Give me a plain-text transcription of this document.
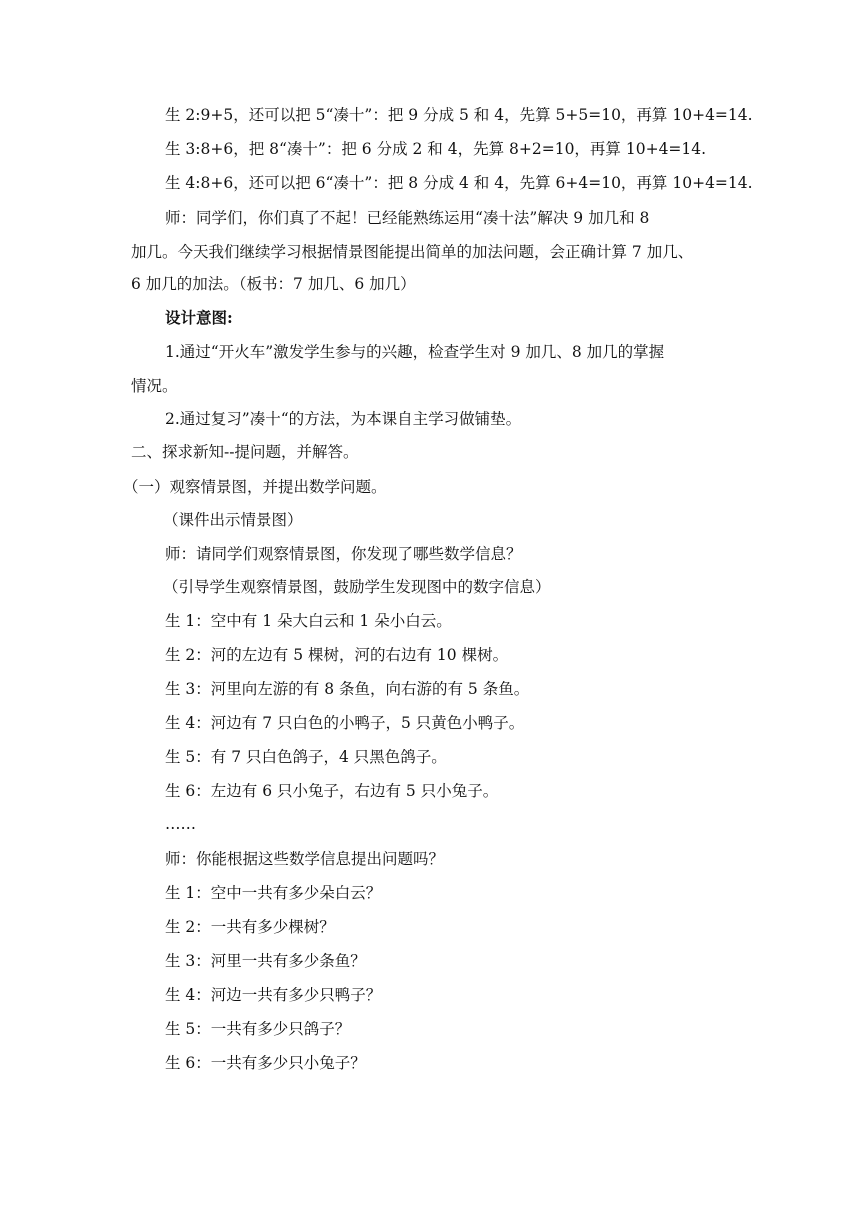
生 2:9+5，还可以把 5“凑十”：把 9 分成 5 和 4，先算 5+5=10，再算 10+4=14.
生 3:8+6，把 8“凑十”：把 6 分成 2 和 4，先算 8+2=10，再算 10+4=14.
生 4:8+6，还可以把 6“凑十”：把 8 分成 4 和 4，先算 6+4=10，再算 10+4=14.
师：同学们，你们真了不起！已经能熟练运用“凑十法”解决 9 加几和 8
加几。今天我们继续学习根据情景图能提出简单的加法问题，会正确计算 7 加几、
6 加几的加法。（板书：7 加几、6 加几）
设计意图:
1.通过“开火车”激发学生参与的兴趣，检查学生对 9 加几、8 加几的掌握
情况。
2.通过复习”凑十“的方法，为本课自主学习做铺垫。
二、探求新知--提问题，并解答。
（一）观察情景图，并提出数学问题。
（课件出示情景图）
师：请同学们观察情景图，你发现了哪些数学信息？
（引导学生观察情景图，鼓励学生发现图中的数字信息）
生 1：空中有 1 朵大白云和 1 朵小白云。
生 2：河的左边有 5 棵树，河的右边有 10 棵树。
生 3：河里向左游的有 8 条鱼，向右游的有 5 条鱼。
生 4：河边有 7 只白色的小鸭子，5 只黄色小鸭子。
生 5：有 7 只白色鸽子，4 只黑色鸽子。
生 6：左边有 6 只小兔子，右边有 5 只小兔子。
……
师：你能根据这些数学信息提出问题吗？
生 1：空中一共有多少朵白云？
生 2：一共有多少棵树？
生 3：河里一共有多少条鱼？
生 4：河边一共有多少只鸭子？
生 5：一共有多少只鸽子？
生 6：一共有多少只小兔子？
